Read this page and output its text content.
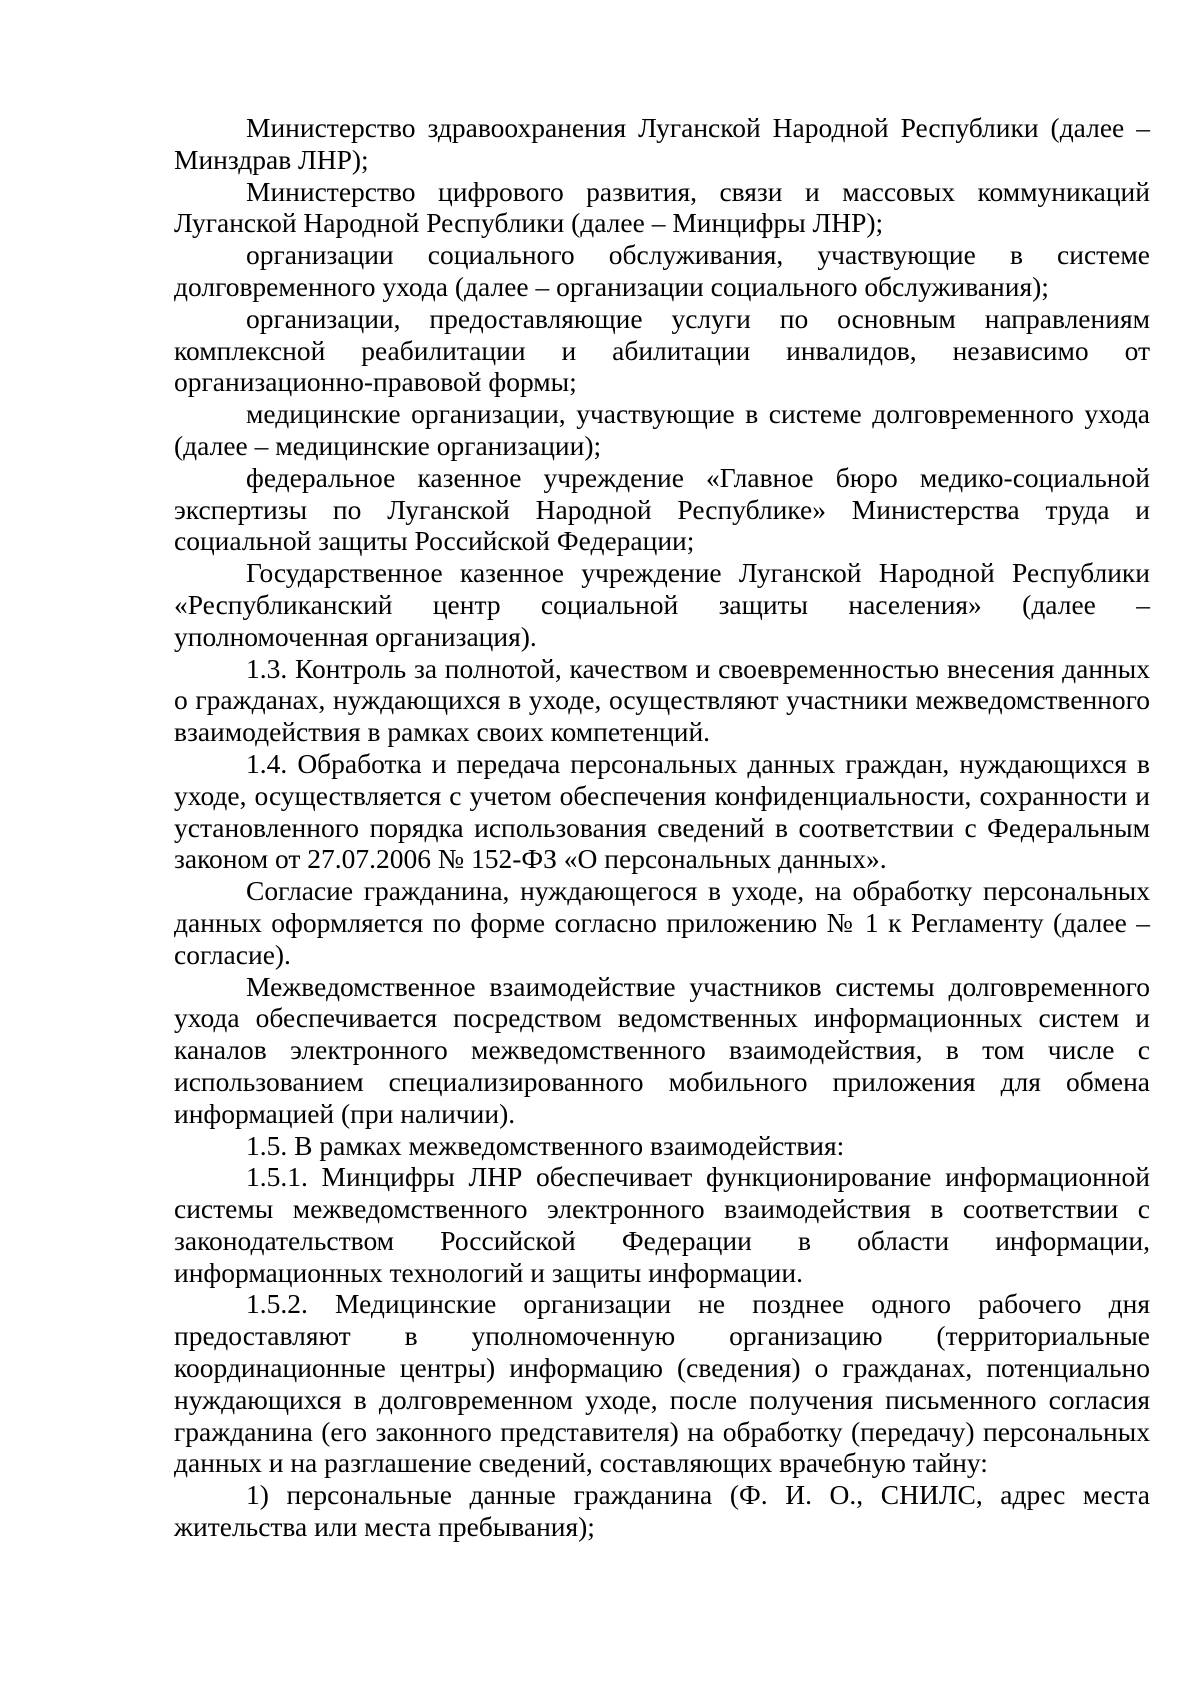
Министерство здравоохранения Луганской Народной Республики (далее – Минздрав ЛНР);

Министерство цифрового развития, связи и массовых коммуникаций Луганской Народной Республики (далее – Минцифры ЛНР);

организации социального обслуживания, участвующие в системе долговременного ухода (далее – организации социального обслуживания);

организации, предоставляющие услуги по основным направлениям комплексной реабилитации и абилитации инвалидов, независимо от организационно-правовой формы;

медицинские организации, участвующие в системе долговременного ухода (далее – медицинские организации);

федеральное казенное учреждение «Главное бюро медико-социальной экспертизы по Луганской Народной Республике» Министерства труда и социальной защиты Российской Федерации;

Государственное казенное учреждение Луганской Народной Республики «Республиканский центр социальной защиты населения» (далее – уполномоченная организация).

1.3. Контроль за полнотой, качеством и своевременностью внесения данных о гражданах, нуждающихся в уходе, осуществляют участники межведомственного взаимодействия в рамках своих компетенций.

1.4. Обработка и передача персональных данных граждан, нуждающихся в уходе, осуществляется с учетом обеспечения конфиденциальности, сохранности и установленного порядка использования сведений в соответствии с Федеральным законом от 27.07.2006 № 152-ФЗ «О персональных данных».

Согласие гражданина, нуждающегося в уходе, на обработку персональных данных оформляется по форме согласно приложению № 1 к Регламенту (далее – согласие).

Межведомственное взаимодействие участников системы долговременного ухода обеспечивается посредством ведомственных информационных систем и каналов электронного межведомственного взаимодействия, в том числе с использованием специализированного мобильного приложения для обмена информацией (при наличии).

1.5. В рамках межведомственного взаимодействия:

1.5.1. Минцифры ЛНР обеспечивает функционирование информационной системы межведомственного электронного взаимодействия в соответствии с законодательством Российской Федерации в области информации, информационных технологий и защиты информации.

1.5.2. Медицинские организации не позднее одного рабочего дня предоставляют в уполномоченную организацию (территориальные координационные центры) информацию (сведения) о гражданах, потенциально нуждающихся в долговременном уходе, после получения письменного согласия гражданина (его законного представителя) на обработку (передачу) персональных данных и на разглашение сведений, составляющих врачебную тайну:

1) персональные данные гражданина (Ф. И. О., СНИЛС, адрес места жительства или места пребывания);
